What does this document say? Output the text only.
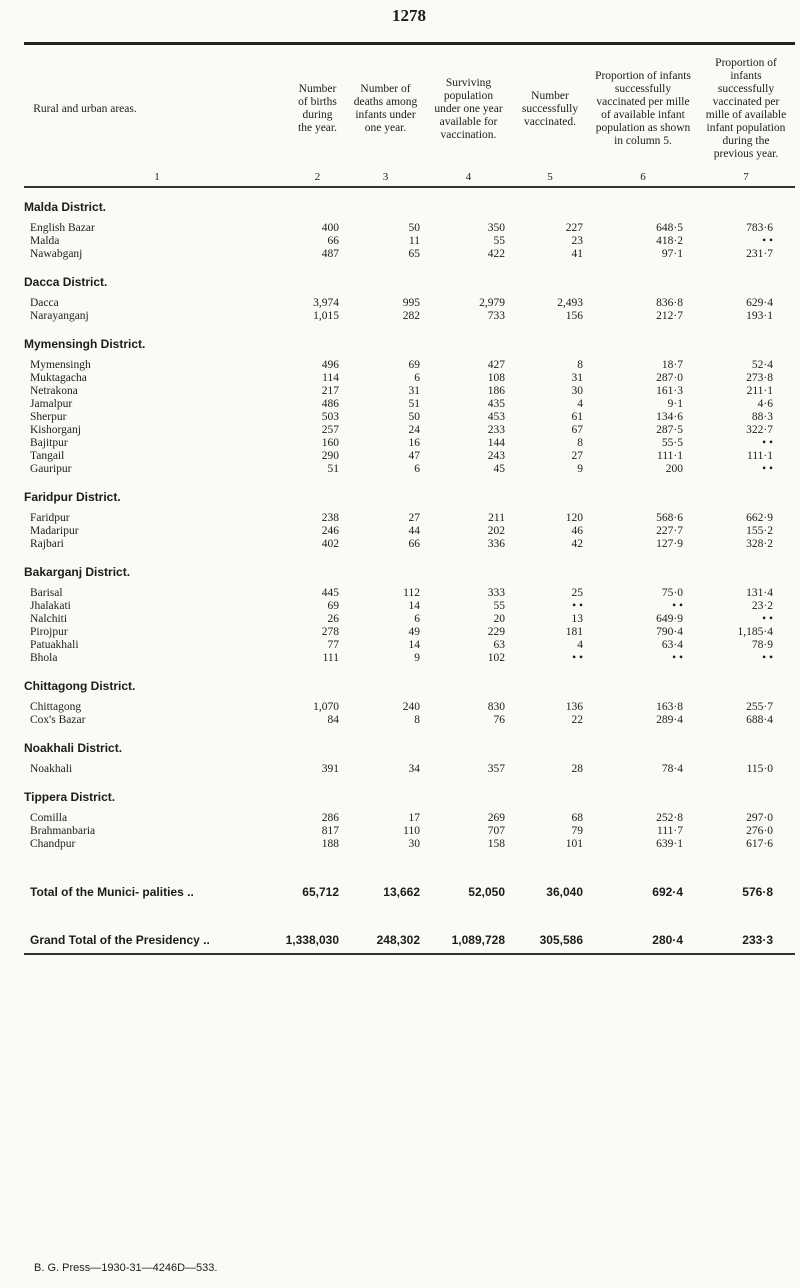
1278
Rural and urban areas.
Number of births during the year.
Number of deaths among infants under one year.
Surviving population under one year available for vaccination.
Number successfully vaccinated.
Proportion of infants successfully vaccinated per mille of available infant population as shown in column 5.
Proportion of infants successfully vaccinated per mille of available infant population during the previous year.
1	2	3	4	5	6	7
Malda District.
English Bazar	400	50	350	227	648·5	783·6
Malda	66	11	55	23	418·2	• •
Nawabganj	487	65	422	41	97·1	231·7
Dacca District.
Dacca	3,974	995	2,979	2,493	836·8	629·4
Narayanganj	1,015	282	733	156	212·7	193·1
Mymensingh District.
Mymensingh	496	69	427	8	18·7	52·4
Muktagacha	114	6	108	31	287·0	273·8
Netrakona	217	31	186	30	161·3	211·1
Jamalpur	486	51	435	4	9·1	4·6
Sherpur	503	50	453	61	134·6	88·3
Kishorganj	257	24	233	67	287·5	322·7
Bajitpur	160	16	144	8	55·5	• •
Tangail	290	47	243	27	111·1	111·1
Gauripur	51	6	45	9	200	• •
Faridpur District.
Faridpur	238	27	211	120	568·6	662·9
Madaripur	246	44	202	46	227·7	155·2
Rajbari	402	66	336	42	127·9	328·2
Bakarganj District.
Barisal	445	112	333	25	75·0	131·4
Jhalakati	69	14	55	• •	• •	23·2
Nalchiti	26	6	20	13	649·9	• •
Pirojpur	278	49	229	181	790·4	1,185·4
Patuakhali	77	14	63	4	63·4	78·9
Bhola	111	9	102	• •	• •	• •
Chittagong District.
Chittagong	1,070	240	830	136	163·8	255·7
Cox's Bazar	84	8	76	22	289·4	688·4
Noakhali District.
Noakhali	391	34	357	28	78·4	115·0
Tippera District.
Comilla	286	17	269	68	252·8	297·0
Brahmanbaria	817	110	707	79	111·7	276·0
Chandpur	188	30	158	101	639·1	617·6
Total of the Munici- palities ..	65,712	13,662	52,050	36,040	692·4	576·8
Grand Total of the Presidency ..	1,338,030	248,302	1,089,728	305,586	280·4	233·3
B. G. Press—1930-31—4246D—533.
